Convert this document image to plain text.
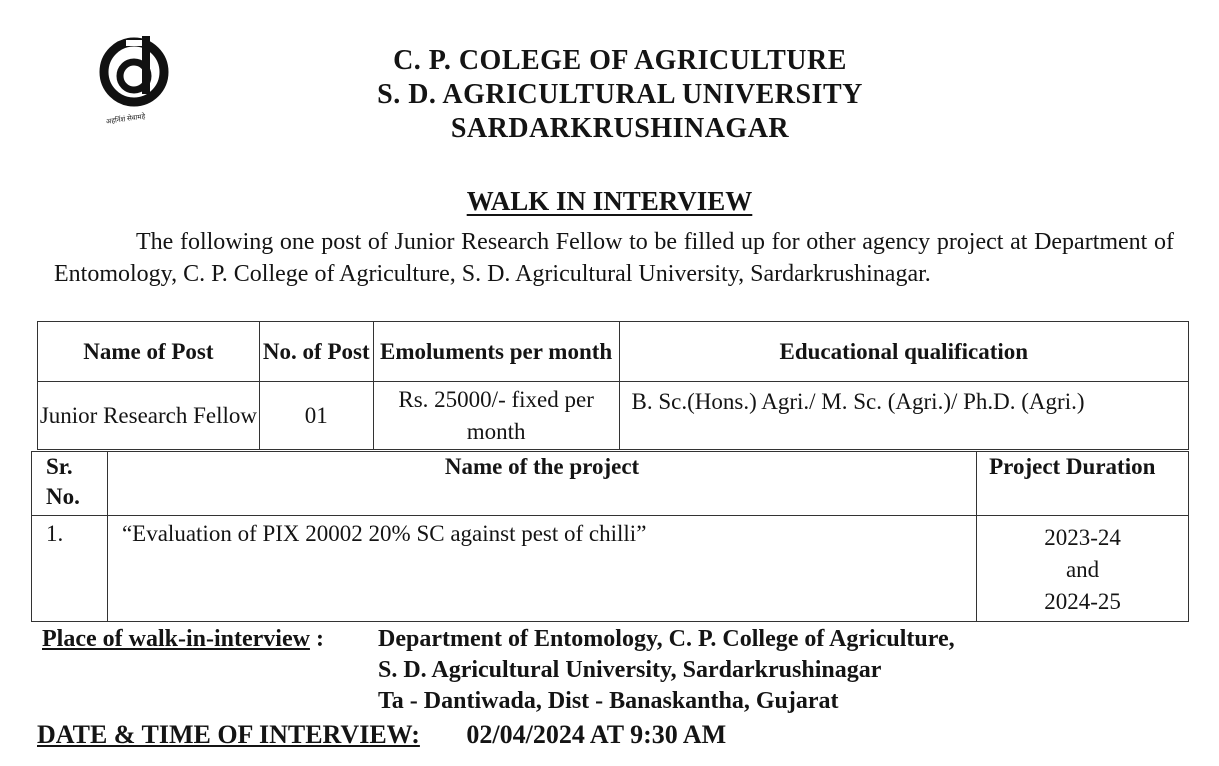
अहर्निशं सेवामहे
C. P. COLEGE OF AGRICULTURE
S. D. AGRICULTURAL UNIVERSITY
SARDARKRUSHINAGAR
WALK IN INTERVIEW

The following one post of Junior Research Fellow to be filled up for other agency project at Department of Entomology, C. P. College of Agriculture, S. D. Agricultural University, Sardarkrushinagar.

Name of Post	No. of Post	Emoluments per month	Educational qualification
Junior Research Fellow	01	Rs. 25000/- fixed per month	B. Sc.(Hons.) Agri./ M. Sc. (Agri.)/ Ph.D. (Agri.)
Sr. No.	Name of the project	Project Duration
1.	“Evaluation of PIX 20002 20% SC against pest of chilli”	2023-24
and
2024-25
Place of walk-in-interview : Department of Entomology, C. P. College of Agriculture,
S. D. Agricultural University, Sardarkrushinagar
Ta - Dantiwada, Dist - Banaskantha, Gujarat
DATE & TIME OF INTERVIEW: 02/04/2024 AT 9:30 AM
